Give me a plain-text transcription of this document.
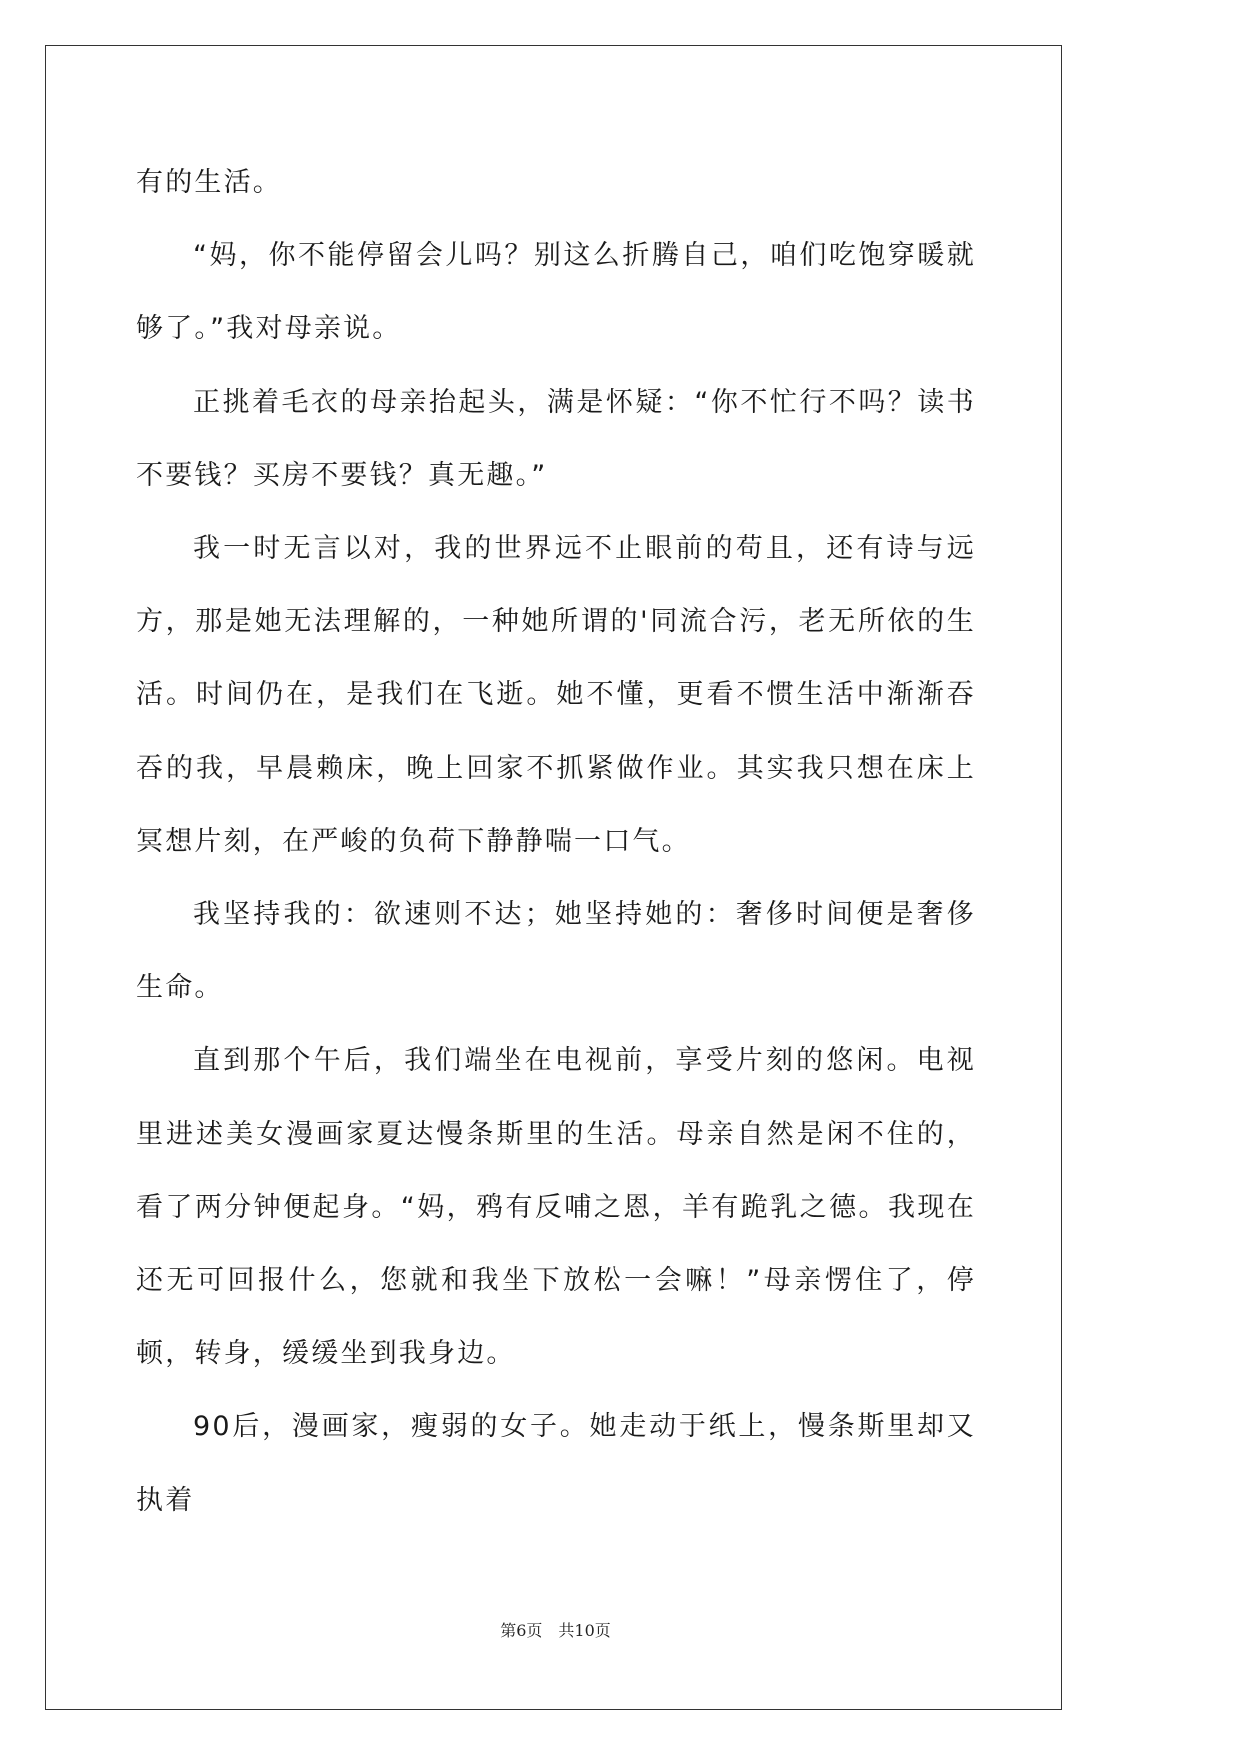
有的生活。

“妈，你不能停留会儿吗？别这么折腾自己，咱们吃饱穿暖就够了。”我对母亲说。

正挑着毛衣的母亲抬起头，满是怀疑：“你不忙行不吗？读书不要钱？买房不要钱？真无趣。”

我一时无言以对，我的世界远不止眼前的苟且，还有诗与远方，那是她无法理解的，一种她所谓的'同流合污，老无所依的生活。时间仍在，是我们在飞逝。她不懂，更看不惯生活中渐渐吞吞的我，早晨赖床，晚上回家不抓紧做作业。其实我只想在床上冥想片刻，在严峻的负荷下静静喘一口气。

我坚持我的：欲速则不达；她坚持她的：奢侈时间便是奢侈生命。

直到那个午后，我们端坐在电视前，享受片刻的悠闲。电视里进述美女漫画家夏达慢条斯里的生活。母亲自然是闲不住的，看了两分钟便起身。“妈，鸦有反哺之恩，羊有跪乳之德。我现在还无可回报什么，您就和我坐下放松一会嘛！”母亲愣住了，停顿，转身，缓缓坐到我身边。

90后，漫画家，瘦弱的女子。她走动于纸上，慢条斯里却又执着

第6页　共10页
